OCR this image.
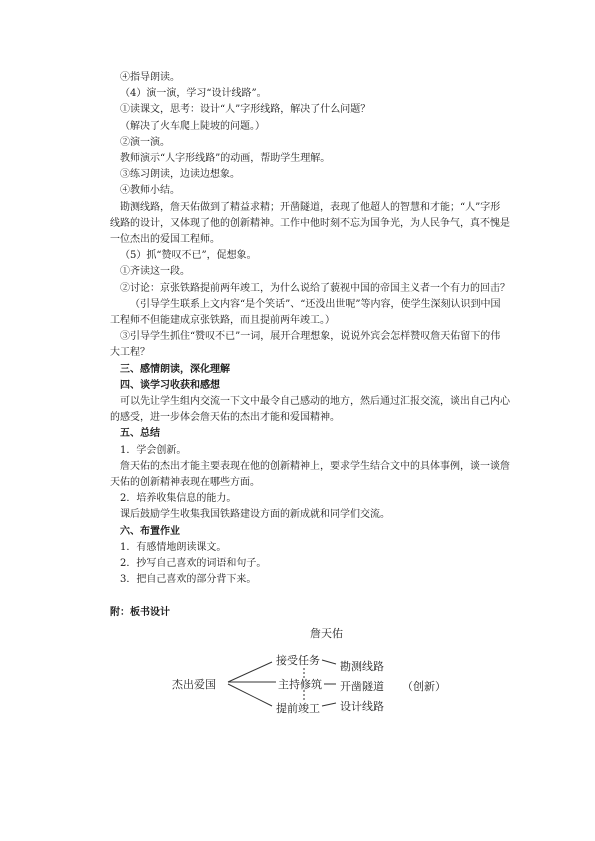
④指导朗读。

（4）演一演，学习“设计线路”。

①读课文，思考：设计“人”字形线路，解决了什么问题？

（解决了火车爬上陡坡的问题。）

②演一演。

教师演示“人字形线路”的动画，帮助学生理解。

③练习朗读，边读边想象。

④教师小结。

勘测线路，詹天佑做到了精益求精；开凿隧道，表现了他超人的智慧和才能；“人”字形线路的设计，又体现了他的创新精神。工作中他时刻不忘为国争光，为人民争气，真不愧是一位杰出的爱国工程师。

（5）抓“赞叹不已”，促想象。

①齐读这一段。

②讨论：京张铁路提前两年竣工，为什么说给了藐视中国的帝国主义者一个有力的回击？

（引导学生联系上文内容“是个笑话”、“还没出世呢”等内容，使学生深刻认识到中国工程师不但能建成京张铁路，而且提前两年竣工。）

③引导学生抓住“赞叹不已”一词，展开合理想象，说说外宾会怎样赞叹詹天佑留下的伟大工程？

三、感情朗读，深化理解

四、谈学习收获和感想

可以先让学生组内交流一下文中最令自己感动的地方，然后通过汇报交流，谈出自己内心的感受，进一步体会詹天佑的杰出才能和爱国精神。

五、总结

1．学会创新。

詹天佑的杰出才能主要表现在他的创新精神上，要求学生结合文中的具体事例，谈一谈詹天佑的创新精神表现在哪些方面。

2．培养收集信息的能力。

课后鼓励学生收集我国铁路建设方面的新成就和同学们交流。

六、布置作业

1．有感情地朗读课文。

2．抄写自己喜欢的词语和句子。

3．把自己喜欢的部分背下来。

附：板书设计
詹天佑
杰出爱国
接受任务
主持修筑
提前竣工
勘测线路
开凿隧道
设计线路
（创新）
